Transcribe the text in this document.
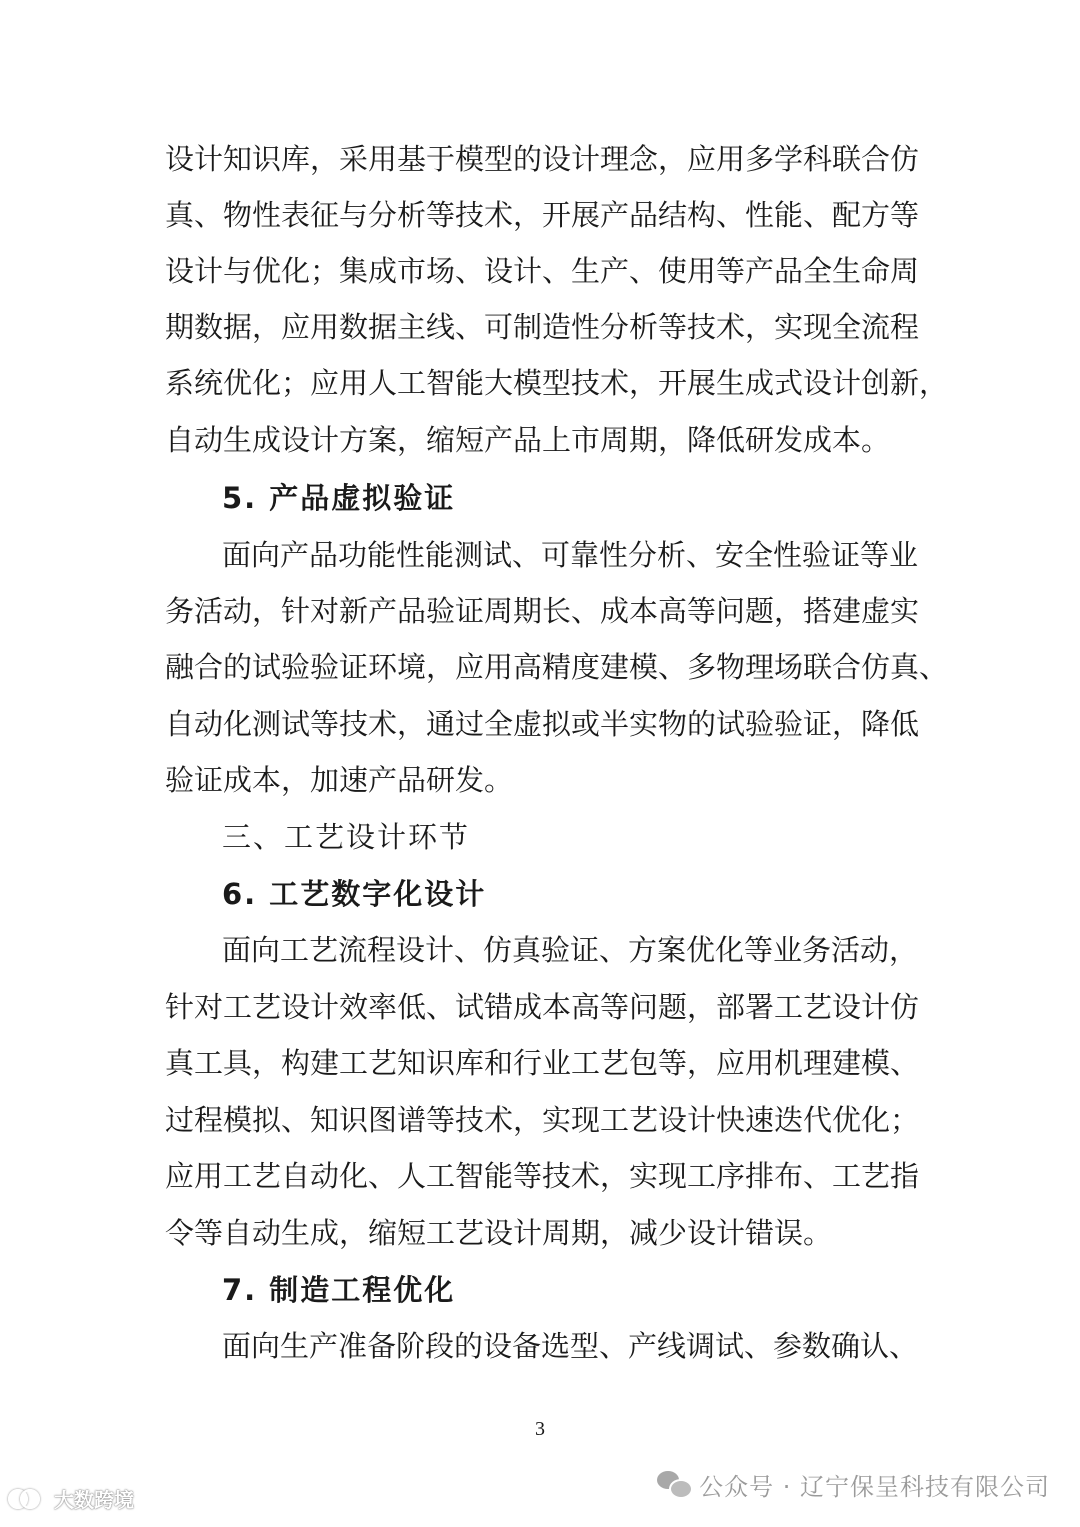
设计知识库，采用基于模型的设计理念，应用多学科联合仿
真、物性表征与分析等技术，开展产品结构、性能、配方等
设计与优化；集成市场、设计、生产、使用等产品全生命周
期数据，应用数据主线、可制造性分析等技术，实现全流程
系统优化；应用人工智能大模型技术，开展生成式设计创新，
自动生成设计方案，缩短产品上市周期，降低研发成本。
5. 产品虚拟验证
面向产品功能性能测试、可靠性分析、安全性验证等业
务活动，针对新产品验证周期长、成本高等问题，搭建虚实
融合的试验验证环境，应用高精度建模、多物理场联合仿真、
自动化测试等技术，通过全虚拟或半实物的试验验证，降低
验证成本，加速产品研发。
三、工艺设计环节
6. 工艺数字化设计
面向工艺流程设计、仿真验证、方案优化等业务活动，
针对工艺设计效率低、试错成本高等问题，部署工艺设计仿
真工具，构建工艺知识库和行业工艺包等，应用机理建模、
过程模拟、知识图谱等技术，实现工艺设计快速迭代优化；
应用工艺自动化、人工智能等技术，实现工序排布、工艺指
令等自动生成，缩短工艺设计周期，减少设计错误。
7. 制造工程优化
面向生产准备阶段的设备选型、产线调试、参数确认、
3
公众号 · 辽宁保呈科技有限公司
大数跨境
